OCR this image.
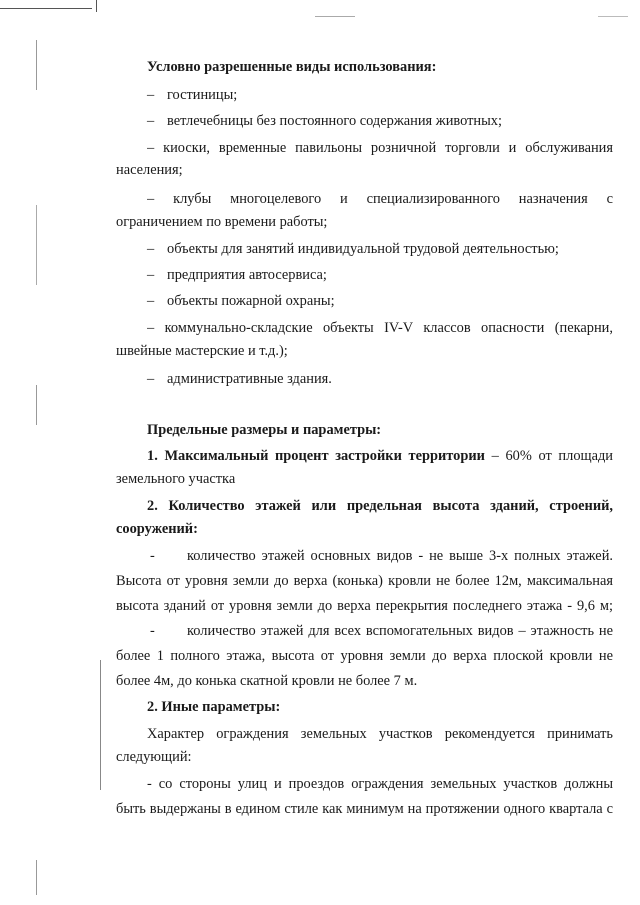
Условно разрешенные виды использования:
– гостиницы;
– ветлечебницы без постоянного содержания животных;
– киоски, временные павильоны розничной торговли и обслуживания
населения;
– клубы многоцелевого и специализированного назначения с
ограничением по времени работы;
– объекты для занятий индивидуальной трудовой деятельностью;
– предприятия автосервиса;
– объекты пожарной охраны;
– коммунально-складские объекты IV-V классов опасности (пекарни,
швейные мастерские и т.д.);
– административные здания.
Предельные размеры и параметры:
1. Максимальный процент застройки территории – 60% от площади
земельного участка
2. Количество этажей или предельная высота зданий, строений,
сооружений:
- количество этажей основных видов - не выше 3-х полных этажей.
Высота от уровня земли до верха (конька) кровли не более 12м, максимальная
высота зданий от уровня земли до верха перекрытия последнего этажа - 9,6 м;
- количество этажей для всех вспомогательных видов – этажность не
более 1 полного этажа, высота от уровня земли до верха плоской кровли не
более 4м, до конька скатной кровли не более 7 м.
2. Иные параметры:
Характер ограждения земельных участков рекомендуется принимать
следующий:
- со стороны улиц и проездов ограждения земельных участков должны
быть выдержаны в едином стиле как минимум на протяжении одного квартала с
